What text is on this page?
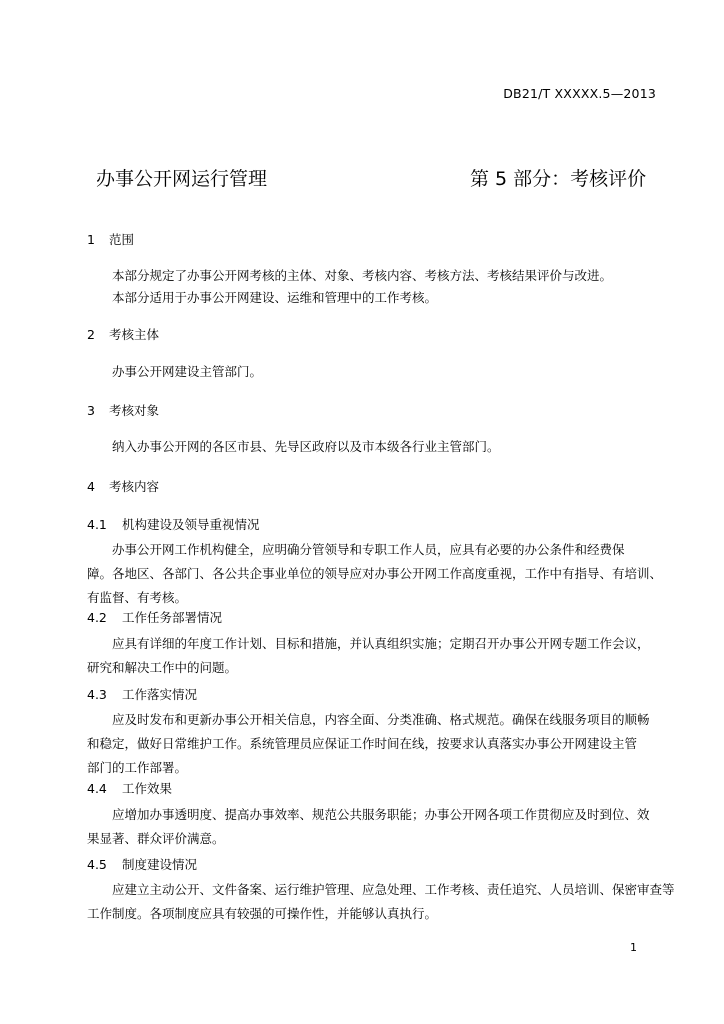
DB21/T XXXXX.5—2013
办事公开网运行管理	第 5 部分：考核评价
1 范围
本部分规定了办事公开网考核的主体、对象、考核内容、考核方法、考核结果评价与改进。
本部分适用于办事公开网建设、运维和管理中的工作考核。
2 考核主体
办事公开网建设主管部门。
3 考核对象
纳入办事公开网的各区市县、先导区政府以及市本级各行业主管部门。
4 考核内容
4.1 机构建设及领导重视情况
办事公开网工作机构健全，应明确分管领导和专职工作人员，应具有必要的办公条件和经费保
障。各地区、各部门、各公共企事业单位的领导应对办事公开网工作高度重视，工作中有指导、有培训、
有监督、有考核。
4.2 工作任务部署情况
应具有详细的年度工作计划、目标和措施，并认真组织实施；定期召开办事公开网专题工作会议，
研究和解决工作中的问题。
4.3 工作落实情况
应及时发布和更新办事公开相关信息，内容全面、分类准确、格式规范。确保在线服务项目的顺畅
和稳定，做好日常维护工作。系统管理员应保证工作时间在线，按要求认真落实办事公开网建设主管
部门的工作部署。
4.4 工作效果
应增加办事透明度、提高办事效率、规范公共服务职能；办事公开网各项工作贯彻应及时到位、效
果显著、群众评价满意。
4.5 制度建设情况
应建立主动公开、文件备案、运行维护管理、应急处理、工作考核、责任追究、人员培训、保密审查等
工作制度。各项制度应具有较强的可操作性，并能够认真执行。
1
